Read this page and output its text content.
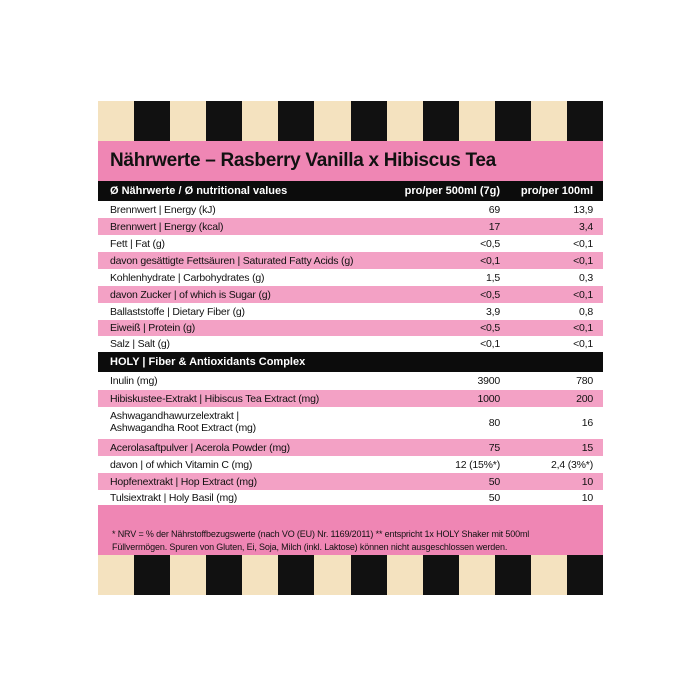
Nährwerte – Rasberry Vanilla x Hibiscus Tea
Ø Nährwerte / Ø nutritional values	pro/per 500ml (7g) pro/per 100ml
Brennwert | Energy (kJ)	69	13,9
Brennwert | Energy (kcal)	17	3,4
Fett | Fat (g)	<0,5	<0,1
davon gesättigte Fettsäuren | Saturated Fatty Acids (g)	<0,1	<0,1
Kohlenhydrate | Carbohydrates (g)	1,5	0,3
davon Zucker | of which is Sugar (g)	<0,5	<0,1
Ballaststoffe | Dietary Fiber (g)	3,9	0,8
Eiweiß | Protein (g)	<0,5	<0,1
Salz | Salt (g)	<0,1	<0,1
HOLY | Fiber & Antioxidants Complex
Inulin (mg)	3900	780
Hibiskustee-Extrakt | Hibiscus Tea Extract (mg)	1000	200
Ashwagandhawurzelextrakt |
Ashwagandha Root Extract (mg)	80	16
Acerolasaftpulver | Acerola Powder (mg)	75	15
davon | of which Vitamin C (mg)	12 (15%*)	2,4 (3%*)
Hopfenextrakt | Hop Extract (mg)	50	10
Tulsiextrakt | Holy Basil (mg)	50	10
* NRV = % der Nährstoffbezugswerte (nach VO (EU) Nr. 1169/2011) ** entspricht 1x HOLY Shaker mit 500ml
Füllvermögen. Spuren von Gluten, Ei, Soja, Milch (inkl. Laktose) können nicht ausgeschlossen werden.
